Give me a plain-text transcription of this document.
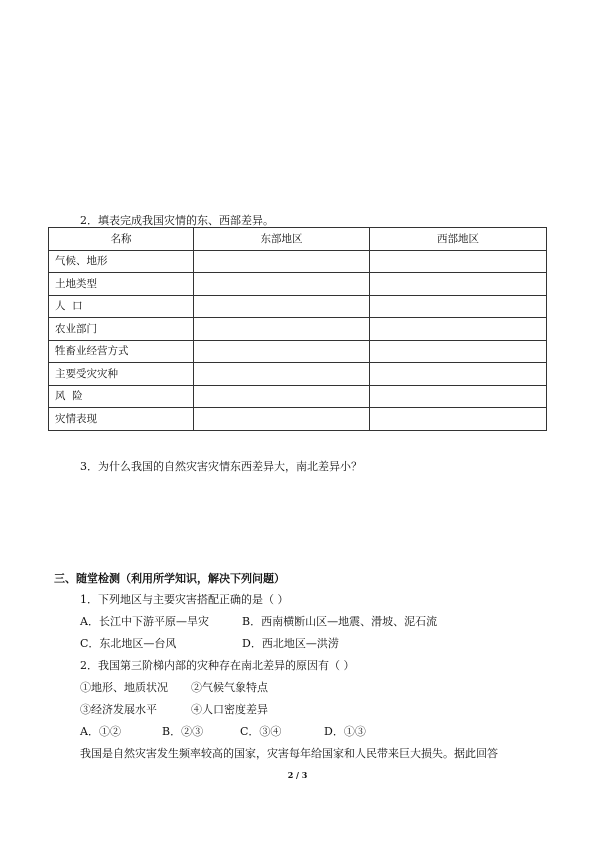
2．填表完成我国灾情的东、西部差异。
名称	东部地区	西部地区
气候、地形		
土地类型		
人  口		
农业部门		
牲畜业经营方式		
主要受灾灾种		
风  险		
灾情表现		
3．为什么我国的自然灾害灾情东西差异大，南北差异小？
三、随堂检测（利用所学知识，解决下列问题）
1．下列地区与主要灾害搭配正确的是（ ）
A．长江中下游平原—旱灾	B．西南横断山区—地震、滑坡、泥石流
C．东北地区—台风	D．西北地区—洪涝
2．我国第三阶梯内部的灾种存在南北差异的原因有（ ）
①地形、地质状况 ②气候气象特点
③经济发展水平	④人口密度差异
A．①②	B．②③	C．③④	D．①③
我国是自然灾害发生频率较高的国家，灾害每年给国家和人民带来巨大损失。据此回答
2 / 3
